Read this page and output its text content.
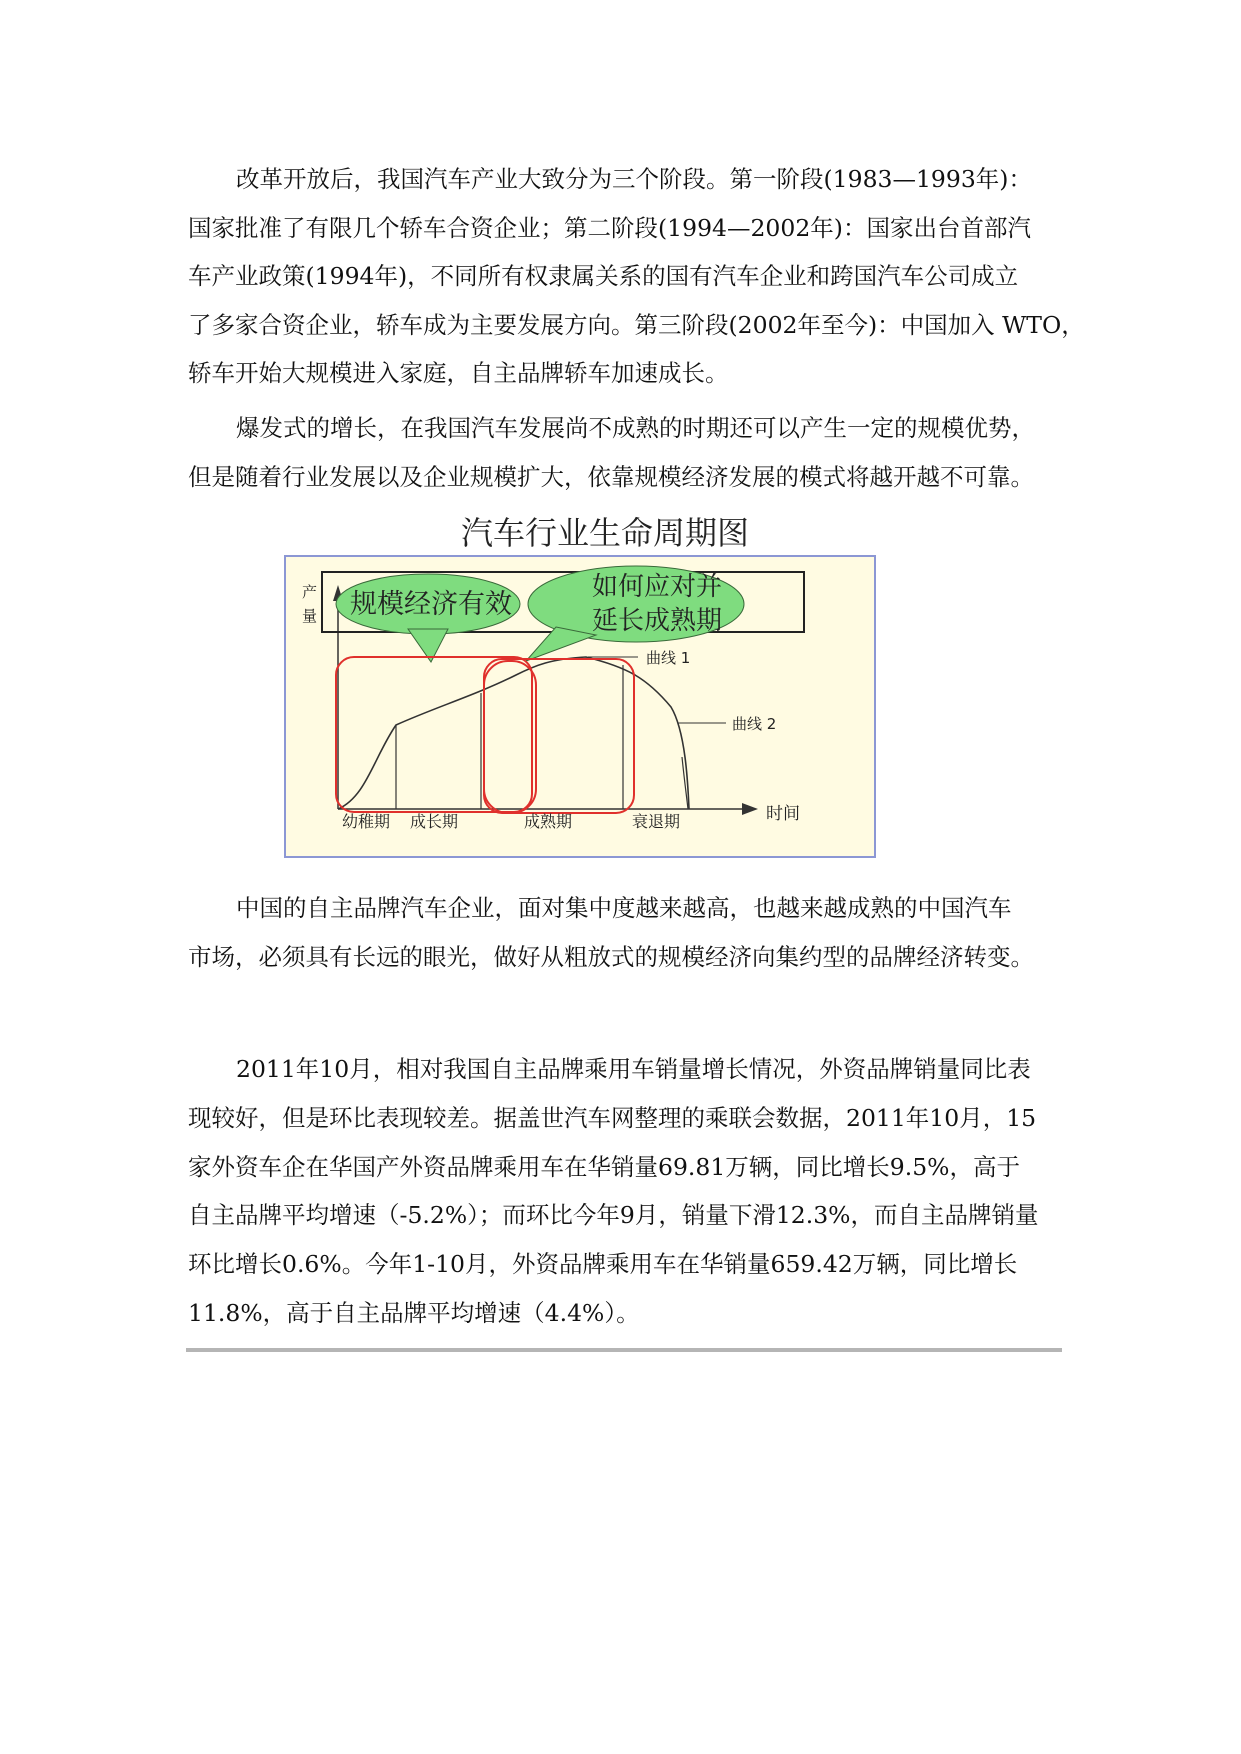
改革开放后，我国汽车产业大致分为三个阶段。第一阶段(1983—1993年)：
国家批准了有限几个轿车合资企业；第二阶段(1994—2002年)：国家出台首部汽
车产业政策(1994年)，不同所有权隶属关系的国有汽车企业和跨国汽车公司成立
了多家合资企业，轿车成为主要发展方向。第三阶段(2002年至今)：中国加入 WTO，
轿车开始大规模进入家庭，自主品牌轿车加速成长。
爆发式的增长，在我国汽车发展尚不成熟的时期还可以产生一定的规模优势，
但是随着行业发展以及企业规模扩大，依靠规模经济发展的模式将越开越不可靠。
汽车行业生命周期图
产
量
时间
规模经济有效
如何应对并
延长成熟期
曲线 1
曲线 2
幼稚期 成长期	成熟期	衰退期
中国的自主品牌汽车企业，面对集中度越来越高，也越来越成熟的中国汽车
市场，必须具有长远的眼光，做好从粗放式的规模经济向集约型的品牌经济转变。
2011年10月，相对我国自主品牌乘用车销量增长情况，外资品牌销量同比表
现较好，但是环比表现较差。据盖世汽车网整理的乘联会数据，2011年10月，15
家外资车企在华国产外资品牌乘用车在华销量69.81万辆，同比增长9.5%，高于
自主品牌平均增速（-5.2%）；而环比今年9月，销量下滑12.3%，而自主品牌销量
环比增长0.6%。今年1-10月，外资品牌乘用车在华销量659.42万辆，同比增长
11.8%，高于自主品牌平均增速（4.4%）。
